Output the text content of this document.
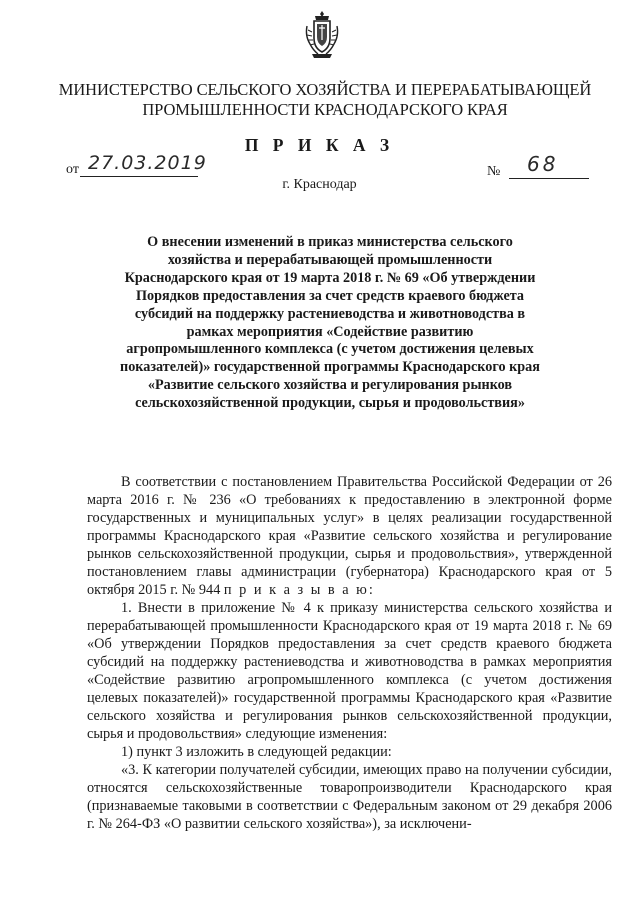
МИНИСТЕРСТВО СЕЛЬСКОГО ХОЗЯЙСТВА И ПЕРЕРАБАТЫВАЮЩЕЙ
ПРОМЫШЛЕННОСТИ КРАСНОДАРСКОГО КРАЯ
П Р И К А З
от 27.03.2019	№ 68
г. Краснодар
О внесении изменений в приказ министерства сельского хозяйства и перерабатывающей промышленности Краснодарского края от 19 марта 2018 г. № 69 «Об утверждении Порядков предоставления за счет средств краевого бюджета субсидий на поддержку растениеводства и животноводства в рамках мероприятия «Содействие развитию агропромышленного комплекса (с учетом достижения целевых показателей)» государственной программы Краснодарского края «Развитие сельского хозяйства и регулирования рынков сельскохозяйственной продукции, сырья и продовольствия»

В соответствии с постановлением Правительства Российской Федерации от 26 марта 2016 г. № 236 «О требованиях к предоставлению в электронной форме государственных и муниципальных услуг» в целях реализации государственной программы Краснодарского края «Развитие сельского хозяйства и регулирование рынков сельскохозяйственной продукции, сырья и продовольствия», утвержденной постановлением главы администрации (губернатора) Краснодарского края от 5 октября 2015 г. № 944 п р и к а з ы в а ю:

1. Внести в приложение № 4 к приказу министерства сельского хозяйства и перерабатывающей промышленности Краснодарского края от 19 марта 2018 г. № 69 «Об утверждении Порядков предоставления за счет средств краевого бюджета субсидий на поддержку растениеводства и животноводства в рамках мероприятия «Содействие развитию агропромышленного комплекса (с учетом достижения целевых показателей)» государственной программы Краснодарского края «Развитие сельского хозяйства и регулирования рынков сельскохозяйственной продукции, сырья и продовольствия» следующие изменения:

1) пункт 3 изложить в следующей редакции:

«3. К категории получателей субсидии, имеющих право на получении субсидии, относятся сельскохозяйственные товаропроизводители Краснодарского края (признаваемые таковыми в соответствии с Федеральным законом от 29 декабря 2006 г. № 264-ФЗ «О развитии сельского хозяйства»), за исключени-
